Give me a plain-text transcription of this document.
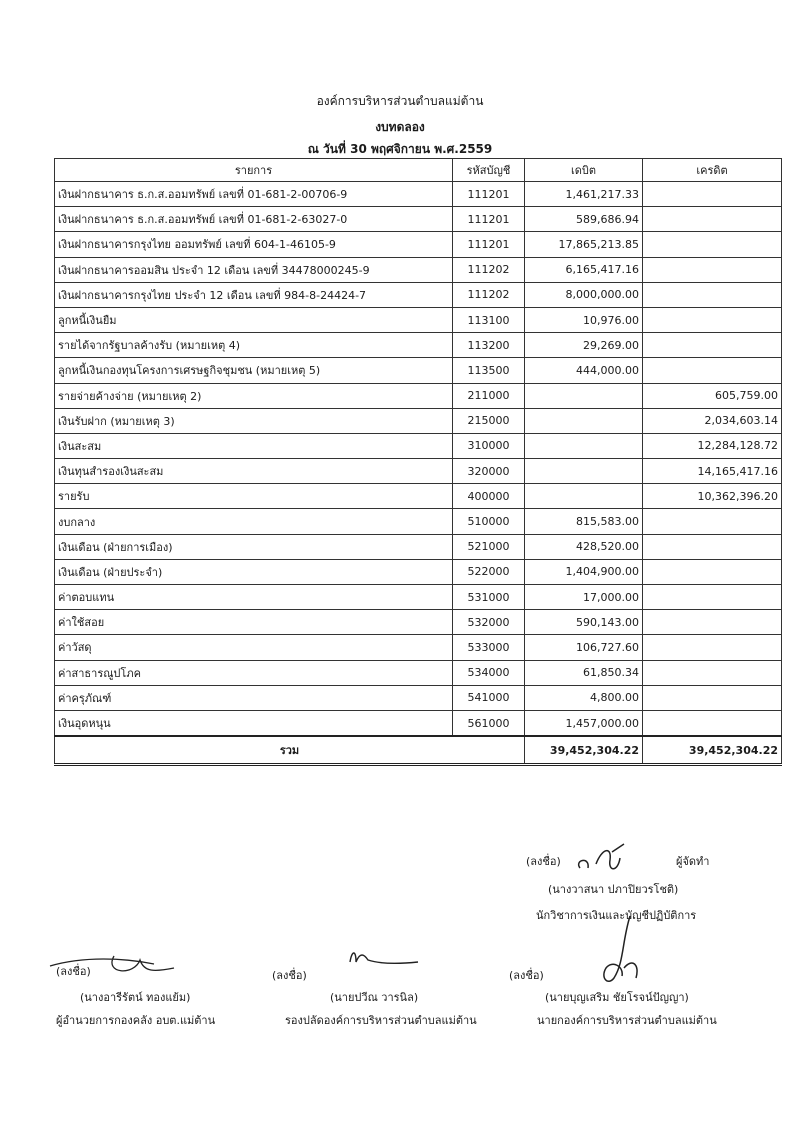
องค์การบริหารส่วนตำบลแม่ต้าน
งบทดลอง
ณ วันที่ 30 พฤศจิกายน พ.ศ.2559
รายการ	รหัสบัญชี	เดบิต	เครดิต
เงินฝากธนาคาร ธ.ก.ส.ออมทรัพย์ เลขที่ 01-681-2-00706-9	111201	1,461,217.33	
เงินฝากธนาคาร ธ.ก.ส.ออมทรัพย์ เลขที่ 01-681-2-63027-0	111201	589,686.94	
เงินฝากธนาคารกรุงไทย ออมทรัพย์ เลขที่ 604-1-46105-9	111201	17,865,213.85	
เงินฝากธนาคารออมสิน ประจำ 12 เดือน เลขที่ 34478000245-9	111202	6,165,417.16	
เงินฝากธนาคารกรุงไทย ประจำ 12 เดือน เลขที่ 984-8-24424-7	111202	8,000,000.00	
ลูกหนี้เงินยืม	113100	10,976.00	
รายได้จากรัฐบาลค้างรับ (หมายเหตุ 4)	113200	29,269.00	
ลูกหนี้เงินกองทุนโครงการเศรษฐกิจชุมชน (หมายเหตุ 5)	113500	444,000.00	
รายจ่ายค้างจ่าย (หมายเหตุ 2)	211000		605,759.00
เงินรับฝาก (หมายเหตุ 3)	215000		2,034,603.14
เงินสะสม	310000		12,284,128.72
เงินทุนสำรองเงินสะสม	320000		14,165,417.16
รายรับ	400000		10,362,396.20
งบกลาง	510000	815,583.00	
เงินเดือน (ฝ่ายการเมือง)	521000	428,520.00	
เงินเดือน (ฝ่ายประจำ)	522000	1,404,900.00	
ค่าตอบแทน	531000	17,000.00	
ค่าใช้สอย	532000	590,143.00	
ค่าวัสดุ	533000	106,727.60	
ค่าสาธารณูปโภค	534000	61,850.34	
ค่าครุภัณฑ์	541000	4,800.00	
เงินอุดหนุน	561000	1,457,000.00	
รวม		39,452,304.22	39,452,304.22
(ลงชื่อ)	ผู้จัดทำ
(นางวาสนา ปภาปิยวรโชติ)
นักวิชาการเงินและบัญชีปฏิบัติการ
(ลงชื่อ)
(นางอารีรัตน์ ทองแย้ม)
ผู้อำนวยการกองคลัง อบต.แม่ต้าน
(ลงชื่อ)
(นายปวีณ วารนิล)
รองปลัดองค์การบริหารส่วนตำบลแม่ต้าน
(ลงชื่อ)
(นายบุญเสริม ชัยโรจน์ปัญญา)
นายกองค์การบริหารส่วนตำบลแม่ต้าน
